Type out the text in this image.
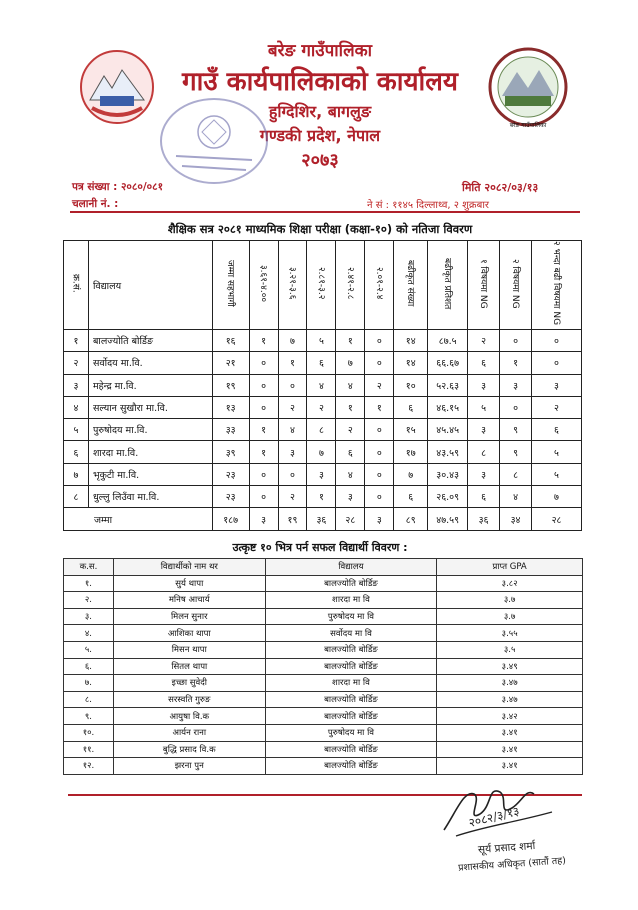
बरेङ गाउँपालिका
बरेङ गाउँपालिका
गाउँ कार्यपालिकाको कार्यालय
हुग्दिशिर, बागलुङ
गण्डकी प्रदेश, नेपाल
२०७३
पत्र संख्या : २०८०/०८१
चलानी नं. :
मिति २०८२/०३/१३
ने सं : ११४५ दिल्लाथ्व, २ शुक्रबार
शैक्षिक सत्र २०८१ माध्यमिक शिक्षा परीक्षा (कक्षा-१०) को नतिजा विवरण
क्र.सं.	विद्यालय	जम्मा सहभागी	३.६१-४.००	३.२१-३.६	२.८१-३.२	२.४१-२.८	२.०१-२.४	बढीकृत संख्या	बढीकृत प्रतिशत	१ विषयमा NG	२ विषयमा NG	२ भन्दा बढी विषयमा NG
१	बालज्योति बोर्डिङ	१६	१	७	५	१	०	१४	८७.५	२	०	०
२	सर्वोदय मा.वि.	२१	०	१	६	७	०	१४	६६.६७	६	१	०
३	महेन्द्र मा.वि.	१९	०	०	४	४	२	१०	५२.६३	३	३	३
४	सल्यान सुखौरा मा.वि.	१३	०	२	२	१	१	६	४६.१५	५	०	२
५	पुरुषोदय मा.वि.	३३	१	४	८	२	०	१५	४५.४५	३	९	६
६	शारदा मा.वि.	३९	१	३	७	६	०	१७	४३.५९	८	९	५
७	भृकुटी मा.वि.	२३	०	०	३	४	०	७	३०.४३	३	८	५
८	धुल्लु लिउँवा मा.वि.	२३	०	२	१	३	०	६	२६.०९	६	४	७
जम्मा		१८७	३	१९	३६	२८	३	८९	४७.५९	३६	३४	२८
उत्कृष्ट १० भित्र पर्न सफल विद्यार्थी विवरण :
क.स.	विद्यार्थीको नाम थर	विद्यालय	प्राप्त GPA
१.	सुर्य थापा	बालज्योति बोर्डिङ	३.८२
२.	मनिष आचार्य	शारदा मा वि	३.७
३.	मिलन सुनार	पुरुषोदय मा वि	३.७
४.	आशिका थापा	सर्वोदय मा वि	३.५५
५.	मिसन थापा	बालज्योति बोर्डिङ	३.५
६.	सितल थापा	बालज्योति बोर्डिङ	३.४९
७.	इच्छा सुवेदी	शारदा मा वि	३.४७
८.	सरस्वति गुरुङ	बालज्योति बोर्डिङ	३.४७
९.	आयुषा वि.क	बालज्योति बोर्डिङ	३.४२
१०.	आर्यन राना	पुरुषोदय मा वि	३.४१
११.	बुद्धि प्रसाद वि.क	बालज्योति बोर्डिङ	३.४१
१२.	झरना पुन	बालज्योति बोर्डिङ	३.४१
२०८२/३/१३
सूर्य प्रसाद शर्मा
प्रशासकीय अधिकृत (सातौं तह)
